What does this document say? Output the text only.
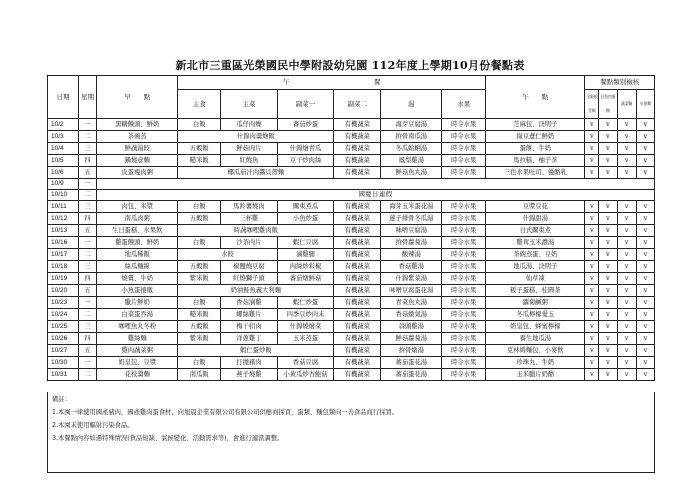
新北市三重區光榮國民中學附設幼兒園 112年度上學期10月份餐點表
日期	星期	早　　點	午　　　　　　　　　　　　　餐						午　　點	餐點類別檢核			
			主食	主菜	副菜一	副菜二	湯	水果		全穀根莖類	豆魚肉蛋類	蔬菜類	水果類
10/2	一	黑糖饅頭、鮮奶	白飯	瓜仔肉燥	蕃茄炒蛋	有機蔬菜	海芽豆腐湯	時令水果	芝麻包、決明子	v	v	v	v
10/3	二	茶碗蒸	什錦肉羹燴飯			有機蔬菜	拚骨南瓜湯	時令水果	綠豆薏仁鮮奶	v	v	v	v
10/4	三	鮮蔬湯餃	五穀飯	鮮菇肉片	什錦燴青瓜	有機蔬菜	冬瓜蛤蜊湯	時令水果	蛋餅、牛奶	v	v	v	v
10/5	四	鍋燒意麵	糙米飯	紅燒魚	豆干炒肉絲	有機蔬菜	鳳梨雞湯	時令水果	馬拉糕、柚子茶	v	v	v	v
10/6	五	皮蛋瘦肉粥	椰瓜茄汁肉醬貝殼麵			有機蔬菜	鮮菇魚丸湯	時令水果	三色水果吐司、優酪乳	v	v	v	v
10/9	一												
10/10	二	國慶日連假											
10/11	三	肉包、米漿	白飯	馬鈴薯燒肉	關東煮瓜	有機蔬菜	海芽玉米蛋花湯	時令水果	豆漿豆花	v	v	v	v
10/12	四	南瓜肉粥	五穀飯	三杯雞	小魚炒蛋	有機蔬菜	蓮子排骨冬瓜湯	時令水果	什錦甜湯	v	v	v	v
10/13	五	生日蛋糕、水果飲	時蔬咖哩雞肉飯			有機蔬菜	味噌豆腐湯	時令水果	日式關東煮	v	v	v	v
10/16	一	雞蛋饅頭、鮮奶	白飯	沙茶肉片	蝦仁豆腐	有機蔬菜	拚骨蘿蔔湯	時令水果	雞茸玉米濃湯	v	v	v	v
10/17	二	地瓜稀飯	水餃		滷雞腿	有機蔬菜	酸辣湯	時令水果	茶碗蒸蛋、豆奶	v	v	v	v
10/18	三	絲瓜麵線	五穀飯	椒鹽燒豆腐	肉絲炒彩椒	有機蔬菜	香菇雞湯	時令水果	地瓜湯、決明子	v	v	v	v
10/19	四	燒賣、牛奶	紫米飯	紅燒獅子頭	蕃茄燉鮮菇	有機蔬菜	什錦紫菜湯	時令水果	仙草凍	v	v	v	v
10/20	五	小魚蛋捲飯	奶油鮭魚義大利麵			有機蔬菜	味噌豆腐蛋花湯	時令水果	粄子蛋糕、桂圓茶	v	v	v	v
10/23	一	臘片鮮奶	白飯	香菇滷雞	蝦仁炒蛋	有機蔬菜	青菜魚丸湯	時令水果	蘿蔔鹹粥	v	v	v	v
10/24	二	白菜蛋吞湯	糙米飯	螺絲雞片	四季豆炒肉末	有機蔬菜	香菇燉氣湯	時令水果	冬瓜檸檬愛玉	v	v	v	v
10/25	三	咖哩魚丸冬粉	五穀飯	梅干扣肉	什錦燒燴菜	有機蔬菜	蒜頭雞湯	時令水果	奶皇包、蜂蜜檸檬	v	v	v	v
10/26	四	雞絲麵	紫米飯	洋蔥雞丁	玉米蒸蛋	有機蔬菜	鮮菇蘿蔔湯	時令水果	養生地瓜湯	v	v	v	v
10/27	五	雞肉蔬菜粥	蝦仁蛋炒飯			有機蔬菜	拚骨燉湯	時令水果	克林姆麵包、小麥飲	v	v	v	v
10/30	一	奶皇包、豆漿	白飯	打拋豬肉	香菇豆腐	有機蔬菜	蕃茄蛋花湯	時令水果	珍珠丸、牛奶	v	v	v	v
10/31	二	花枝羹麵	南瓜飯	燕子燒雞	小黃瓜炒杏鮑菇	有機蔬菜	蕃茄蛋花湯	時令水果	玉米臘片奶酪	v	v	v	v
備註：
1.本園一律使用國產豬肉，國產雞肉蛋食材，向旭晨企業有限公司有限公司供應商採買，蛋類、麵包類向一善食品商行採買。
2.本園未使用輻射污染食品。
3.本餐點內容如遇特殊情況(貨品短缺、氣候變化、活動需求等)，會進行適當調整。
